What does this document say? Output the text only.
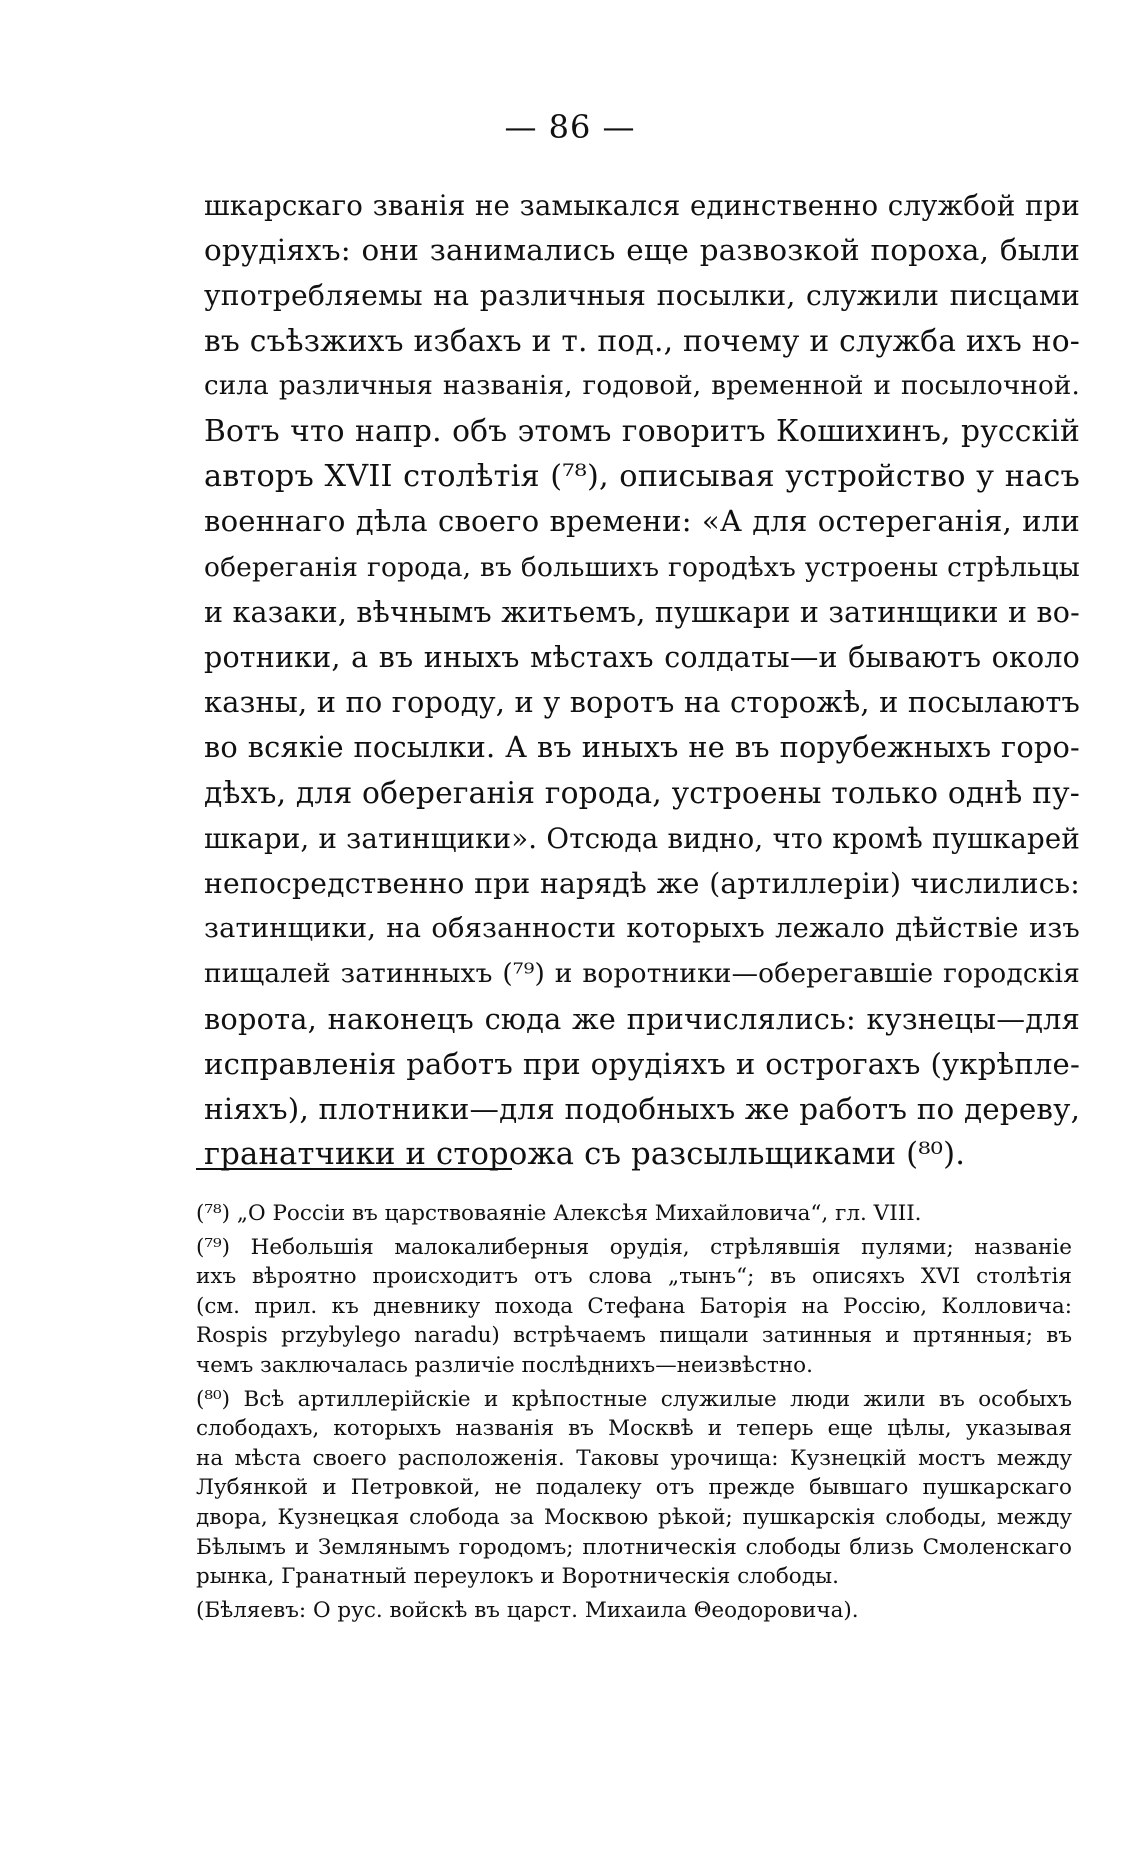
— 86 —
шкарскаго званія не замыкался единственно службой при
орудіяхъ: они занимались еще развозкой пороха, были
употребляемы на различныя посылки, служили писцами
въ съѣзжихъ избахъ и т. под., почему и служба ихъ но-
сила различныя названія, годовой, временной и посылочной.
Вотъ что напр. объ этомъ говоритъ Кошихинъ, русскій
авторъ XVII столѣтія (⁷⁸), описывая устройство у насъ
военнаго дѣла своего времени: «А для остереганія, или
обереганія города, въ большихъ городѣхъ устроены стрѣльцы
и казаки, вѣчнымъ житьемъ, пушкари и затинщики и во-
ротники, а въ иныхъ мѣстахъ солдаты—и бываютъ около
казны, и по городу, и у воротъ на сторожѣ, и посылаютъ
во всякіе посылки. А въ иныхъ не въ порубежныхъ горо-
дѣхъ, для обереганія города, устроены только однѣ пу-
шкари, и затинщики». Отсюда видно, что кромѣ пушкарей
непосредственно при нарядѣ же (артиллеріи) числились:
затинщики, на обязанности которыхъ лежало дѣйствіе изъ
пищалей затинныхъ (⁷⁹) и воротники—оберегавшіе городскія
ворота, наконецъ сюда же причислялись: кузнецы—для
исправленія работъ при орудіяхъ и острогахъ (укрѣпле-
ніяхъ), плотники—для подобныхъ же работъ по дереву,
гранатчики и сторожа съ разсыльщиками (⁸⁰).
(⁷⁸) „О Россіи въ царствоваяніе Алексѣя Михайловича“, гл. VIII.
(⁷⁹) Небольшія малокалиберныя орудія, стрѣлявшія пулями; названіе
ихъ вѣроятно происходитъ отъ слова „тынъ“; въ описяхъ XVI столѣтія
(см. прил. къ дневнику похода Стефана Баторія на Россію, Колловича:
Rospis przybylego naradu) встрѣчаемъ пищали затинныя и пртянныя; въ
чемъ заключалась различіе послѣднихъ—неизвѣстно.
(⁸⁰) Всѣ артиллерійскіе и крѣпостные служилые люди жили въ особыхъ
слободахъ, которыхъ названія въ Москвѣ и теперь еще цѣлы, указывая
на мѣста своего расположенія. Таковы урочища: Кузнецкій мостъ между
Лубянкой и Петровкой, не подалеку отъ прежде бывшаго пушкарскаго
двора, Кузнецкая слобода за Москвою рѣкой; пушкарскія слободы, между
Бѣлымъ и Землянымъ городомъ; плотническія слободы близь Смоленскаго
рынка, Гранатный переулокъ и Воротническія слободы.
(Бѣляевъ: О рус. войскѣ въ царст. Михаила Θеодоровича).
